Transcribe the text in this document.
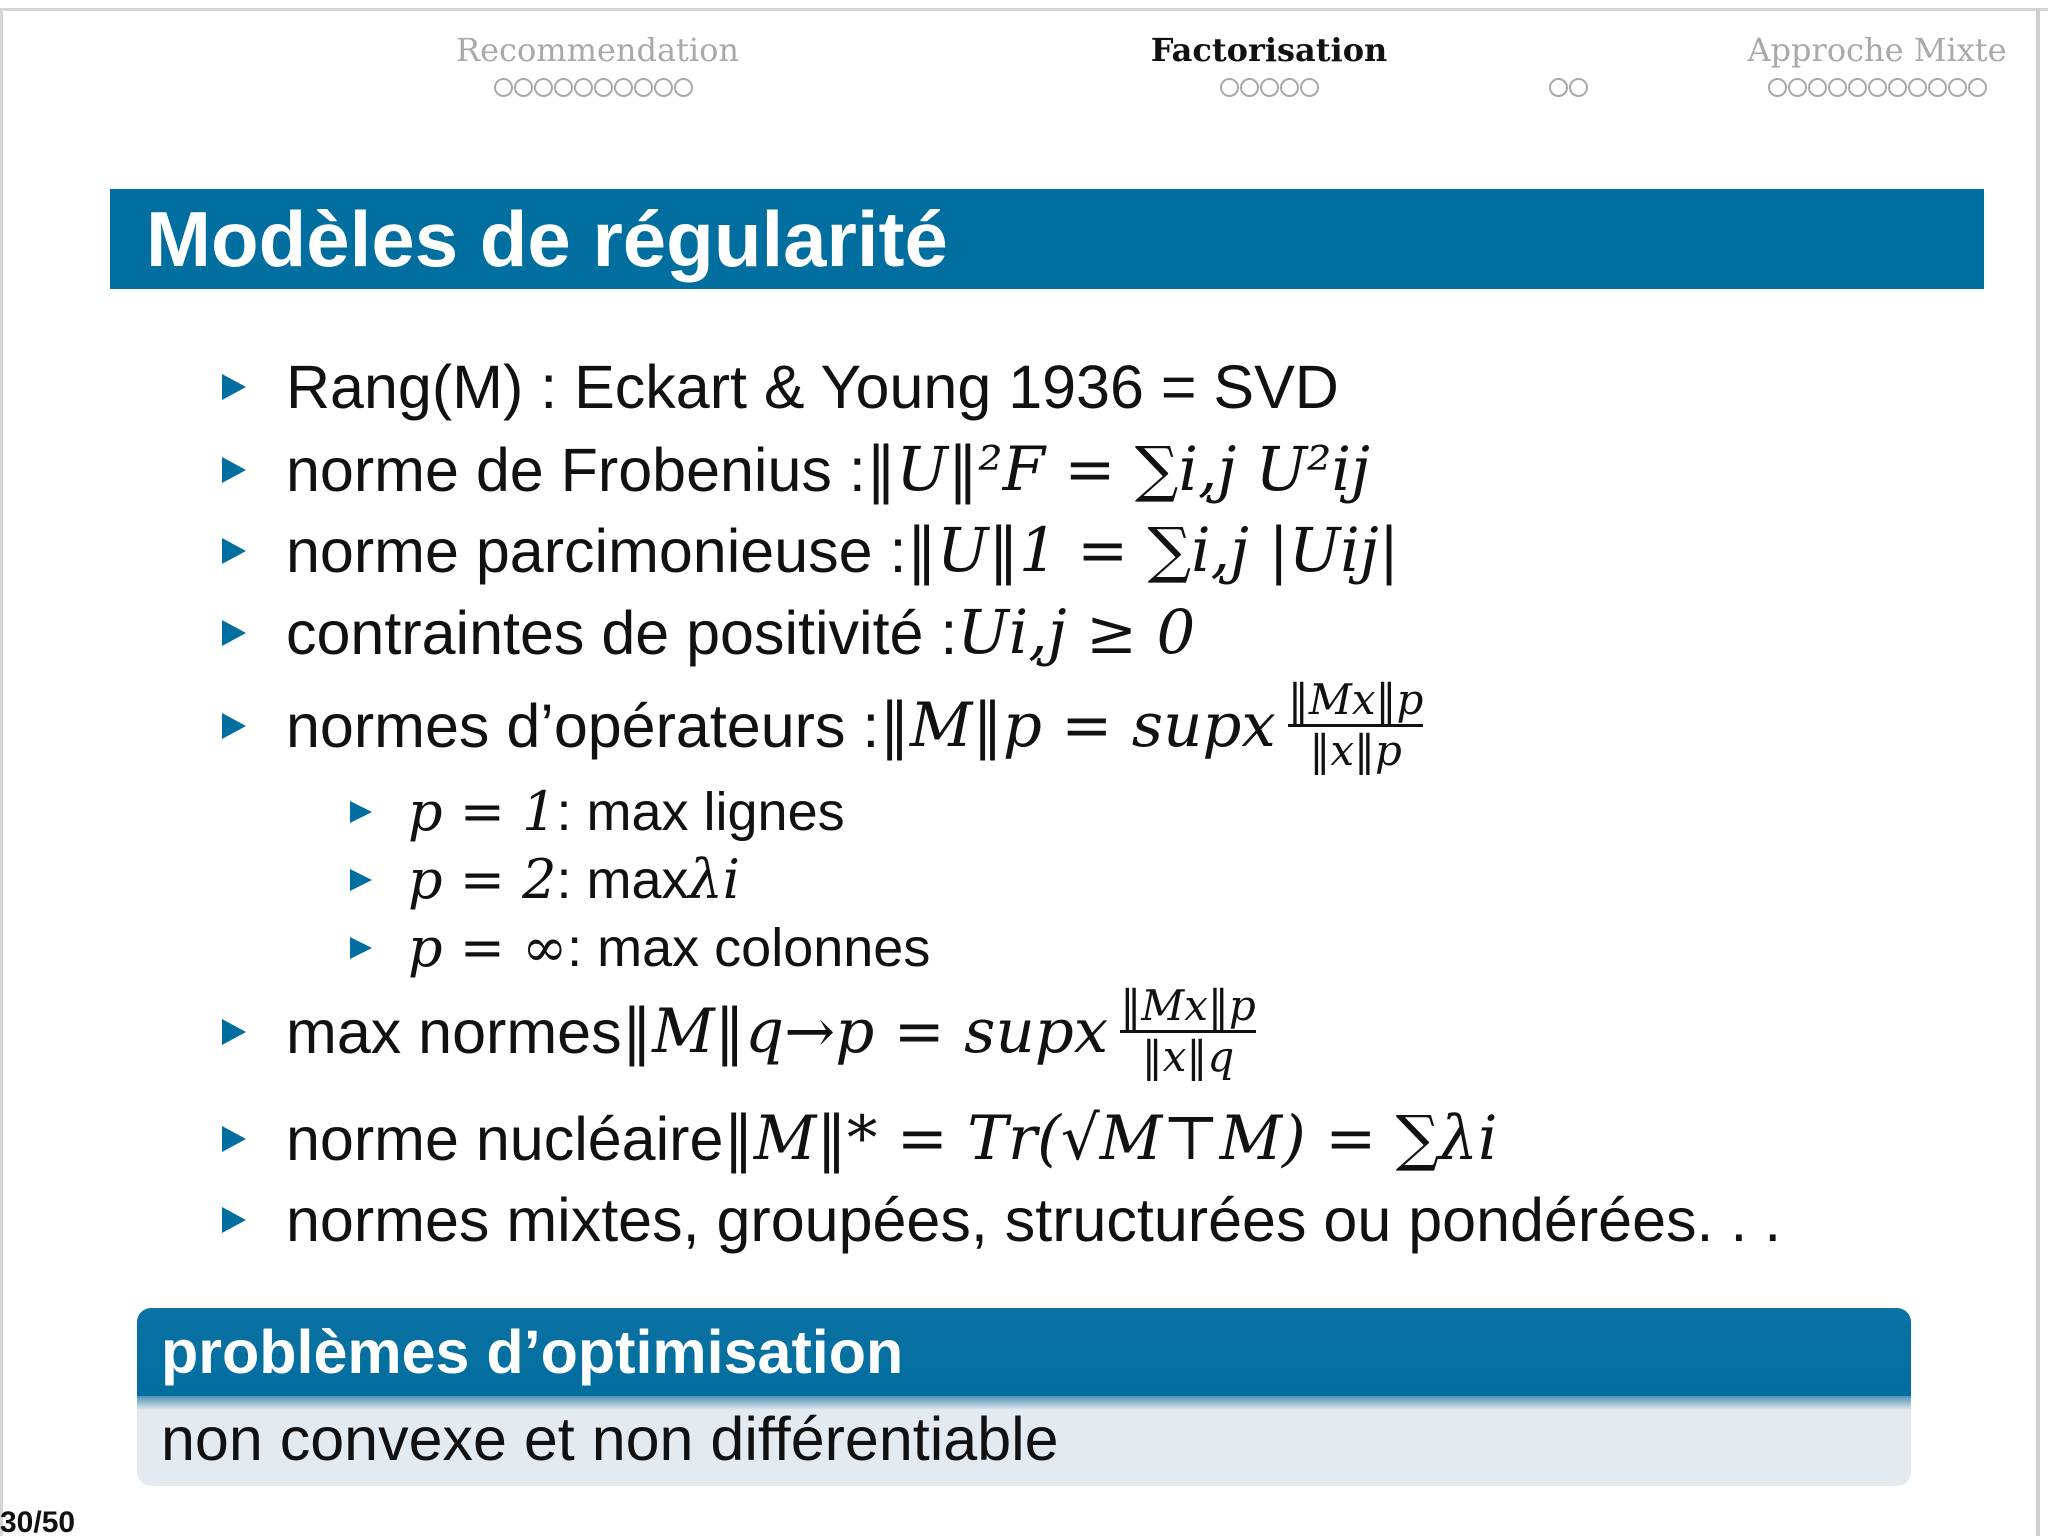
Recommendation	Factorisation	Approche Mixte
Modèles de régularité
Rang(M) : Eckart & Young 1936 = SVD
norme de Frobenius : ‖U‖²F = ∑i,j U²ij
norme parcimonieuse : ‖U‖1 = ∑i,j |Uij|
contraintes de positivité : Ui,j ≥ 0
normes d’opérateurs : ‖M‖p = supx $\frac{‖Mx‖p}{‖x‖p}$
p = 1 : max lignes
p = 2 : max λi
p = ∞ : max colonnes
max normes ‖M‖q→p = supx $\frac{‖Mx‖p}{‖x‖q}$
norme nucléaire ‖M‖* = Tr(√M⊤M) = ∑λi
normes mixtes, groupées, structurées ou pondérées. . .
problèmes d’optimisation
non convexe et non différentiable
30/50
